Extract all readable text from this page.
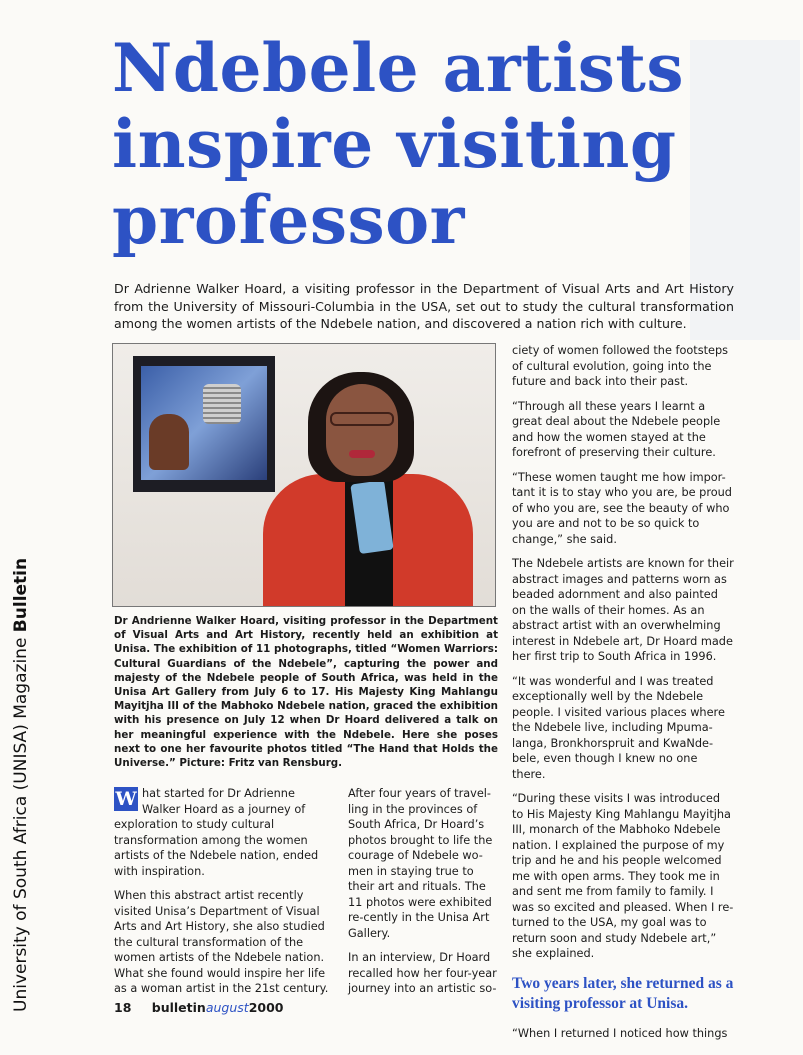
Ndebele artists
inspire visiting
professor

Dr Adrienne Walker Hoard, a visiting professor in the Department of Visual Arts and Art History from the University of Missouri-Columbia in the USA, set out to study the cultural transformation among the women artists of the Ndebele nation, and discovered a nation rich with culture.

Dr Andrienne Walker Hoard, visiting professor in the Department of Visual Arts and Art History, recently held an exhibition at Unisa. The exhibition of 11 photographs, titled “Women Warriors: Cultural Guardians of the Ndebele”, capturing the power and majesty of the Ndebele people of South Africa, was held in the Unisa Art Gallery from July 6 to 17. His Majesty King Mahlangu Mayitjha III of the Mabhoko Ndebele nation, graced the exhibition with his presence on July 12 when Dr Hoard delivered a talk on her meaningful experience with the Ndebele. Here she poses next to one her favourite photos titled “The Hand that Holds the Universe.” Picture: Fritz van Rensburg.

W hat started for Dr Adrienne Walker Hoard as a journey of exploration to study cultural transformation among the women artists of the Ndebele nation, ended with inspiration.

When this abstract artist recently visited Unisa’s Department of Visual Arts and Art History, she also studied the cultural transformation of the women artists of the Ndebele nation. What she found would inspire her life as a woman artist in the 21st century.

After four years of travel-ling in the provinces of South Africa, Dr Hoard’s photos brought to life the courage of Ndebele wo-men in staying true to their art and rituals. The 11 photos were exhibited re-cently in the Unisa Art Gallery.

In an interview, Dr Hoard recalled how her four-year journey into an artistic so-

ciety of women followed the footsteps of cultural evolution, going into the future and back into their past.

“Through all these years I learnt a great deal about the Ndebele people and how the women stayed at the forefront of preserving their culture.

“These women taught me how impor-tant it is to stay who you are, be proud of who you are, see the beauty of who you are and not to be so quick to change,” she said.

The Ndebele artists are known for their abstract images and patterns worn as beaded adornment and also painted on the walls of their homes. As an abstract artist with an overwhelming interest in Ndebele art, Dr Hoard made her first trip to South Africa in 1996.

“It was wonderful and I was treated exceptionally well by the Ndebele people. I visited various places where the Ndebele live, including Mpuma-langa, Bronkhorspruit and KwaNde-bele, even though I knew no one there.

“During these visits I was introduced to His Majesty King Mahlangu Mayitjha III, monarch of the Mabhoko Ndebele nation. I explained the purpose of my trip and he and his people welcomed me with open arms. They took me in and sent me from family to family. I was so excited and pleased. When I re-turned to the USA, my goal was to return soon and study Ndebele art,” she explained.

Two years later, she returned as a visiting professor at Unisa.

“When I returned I noticed how things

University of South Africa (UNISA) Magazine Bulletin
18 bulletinaugust2000
